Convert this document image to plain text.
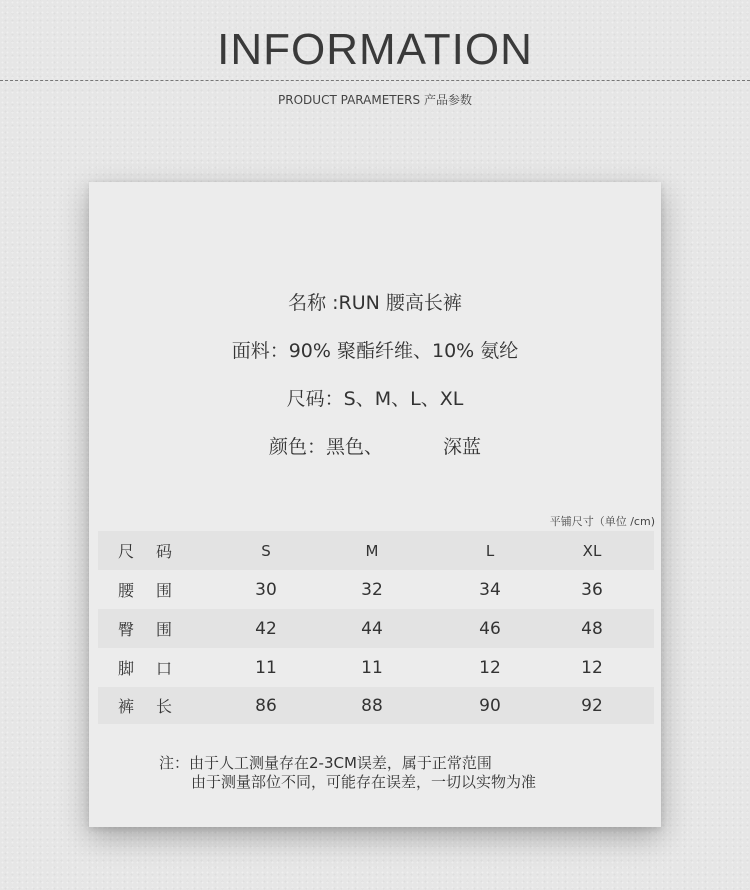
INFORMATION
PRODUCT PARAMETERS 产品参数
名称 :RUN 腰高长裤
面料：90% 聚酯纤维、10% 氨纶
尺码：S、M、L、XL
颜色：黑色、	深蓝
平铺尺寸（单位 /cm)
尺码	S	M	L	XL
腰围	30	32	34	36
臀围	42	44	46	48
脚口	11	11	12	12
裤长	86	88	90	92
注：由于人工测量存在2-3CM误差，属于正常范围
由于测量部位不同，可能存在误差，一切以实物为准
